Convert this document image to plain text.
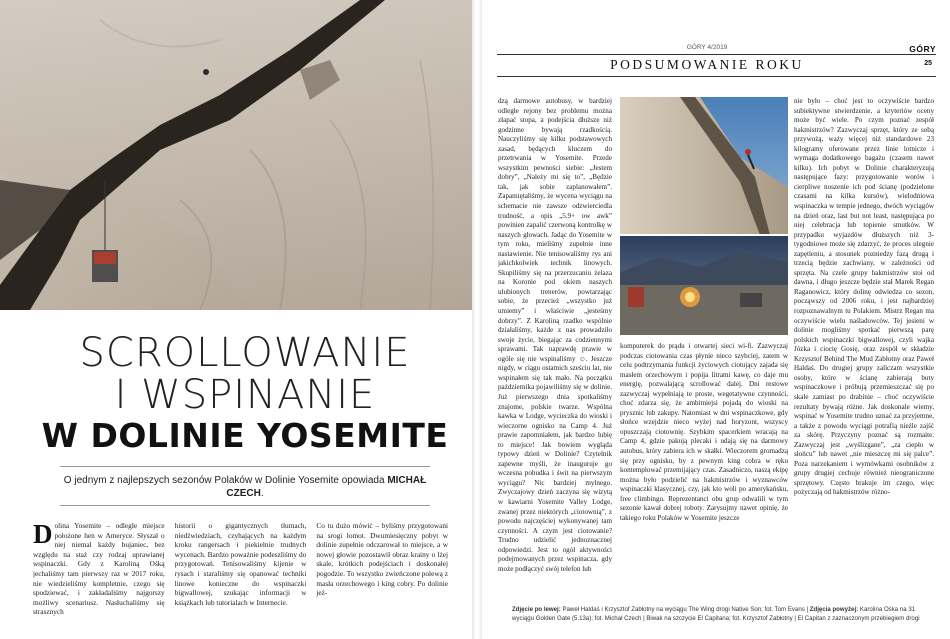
SCROLLOWANIE
I WSPINANIE
W DOLINIE YOSEMITE
O jednym z najlepszych sezonów Polaków w Dolinie Yosemite opowiada MICHAŁ CZECH.
Dolina Yosemite – odległe miejsce położone hen w Ameryce. Słyszał o niej niemal każdy bujaniec, bez względu na staż czy rodzaj uprawianej wspinaczki. Gdy z Karoliną Ośką jechaliśmy tam pierwszy raz w 2017 roku, nie wiedzieliśmy kompletnie, czego się spodziewać, i zakładaliśmy najgorszy możliwy scenariusz. Nasłuchaliśmy się strasznych
historii o gigantycznych tłumach, niedźwiedziach, czyhających na każdym kroku rangersach i piekielnie trudnych wycenach. Bardzo poważnie podeszliśmy do przygotowań. Tenisowaliśmy kijenie w rysach i staraliśmy się opanować techniki linowe konieczne do wspinaczki bigwallowej, szukając informacji w książkach lub tutorialach w Internecie.
Co tu dużo mówić – byliśmy przygotowani na srogi łomot. Dwumiesięczny pobyt w dolinie zupełnie odczarował to miejsce, a w nowej głowie pozostawił obraz krainy o lżej skale, krótkich podejściach i doskonałej pogodzie. To wszystko zwieńczone polewą z masła orzechowego i king cobry. Po dolinie jeż-
GÓRY 4/2019	GÓRY
25
PODSUMOWANIE ROKU
dzą darmowe autobusy, w bardziej odległe rejony bez problemu można złapać stopa, a podejścia dłuższe niż godzinne bywają rzadkością. Nauczyliśmy się kilku podstawowych zasad, będących kluczem do przetrwania w Yosemite. Przede wszystkim pewności siebie: „Jestem dobry”, „Należy mi się to”, „Będzie tak, jak sobie zaplanowałem”. Zapamiętaliśmy, że wycena wyciągu na schemacie nie zawsze odzwierciedla trudność, a opis „5.9+ ow awk” powinien zapalić czerwoną kontrolkę w naszych głowach. Jadąc do Yosemite w tym roku, mieliśmy zupełnie inne nastawienie. Nie tenisowaliśmy rys ani jakichkolwiek technik linowych. Skupiliśmy się na przerzucaniu żelaza na Koronie pod okiem naszych ulubionych trenerów, powtarzając sobie, że przecież „wszystko już umiemy” i właściwie „jesteśmy dobrzy”. Z Karoliną rzadko wspólnie działaliśmy, każde z nas prowadziło swoje życie, biegając za codziennymi sprawami. Tak naprawdę prawie w ogóle się nie wspinaliśmy ☺. Jeszcze nigdy, w ciągu ostatnich sześciu lat, nie wspinałem się tak mało. Na początku października pojawiliśmy się w dolinie. Już pierwszego dnia spotkaliśmy znajome, polskie twarze. Wspólna kawka w Lodge, wycieczka do wioski i wieczorne ognisko na Camp 4. Już prawie zapomniałem, jak bardzo lubię to miejsce! Jak bowiem wygląda typowy dzień w Dolinie? Czytelnik zapewne myśli, że inauguruje go wczesna pobudka i świt na pierwszym wyciągu? Nic bardziej mylnego. Zwyczajowy dzień zaczyna się wizytą w kawiarni Yosemite Valley Lodge, zwanej przez niektórych „ciotownią”, z powodu najczęściej wykonywanej tam czynności. A czym jest ciotowanie? Trudno udzielić jednoznacznej odpowiedzi. Jest to ogół aktywności podejmowanych przez wspinacza, gdy może podłączyć swój telefon lub
komputerek do prądu i otwartej sieci wi-fi. Zazwyczaj podczas ciotowania czas płynie nieco szybciej, zatem w celu podtrzymania funkcji życiowych ciotujący zajada się masłem orzechowym i popija litrami kawę, co daje mu energię, pozwalającą scrollować dalej. Dni restowe zazwyczaj wypełniają te proste, wegetatywne czynności, choć zdarza się, że ambitniejsi pojadą do wioski na prysznic lub zakupy. Natomiast w dni wspinaczkowe, gdy słońce wzejdzie nieco wyżej nad horyzont, wszyscy opuszczają ciotownię. Szybkim spacerkiem wracają na Camp 4, gdzie pakują plecaki i udają się na darmowy autobus, który zabiera ich w skałki. Wieczorem gromadzą się przy ognisku, by z pewnym king cobra w ręku kontemplować przemijający czas. Zasadniczo, naszą ekipę można było podzielić na hakmistrzów i wyznawców wspinaczki klasycznej, czy, jak kto woli po amerykańsku, free climbingu. Reprezentanci obu grup odwalili w tym sezonie kawał dobrej roboty. Zarysujmy nawet opinię, że takiego roku Polaków w Yosemite jeszcze
nie było – choć jest to oczywiście bardzo subiektywne stwierdzenie, a kryteriów oceny może być wiele. Po czym poznać zespół hakmistrzów? Zazwyczaj sprzęt, który ze sobą przywożą, waży więcej niż standardowe 23 kilogramy oferowane przez linie lotnicze i wymaga dodatkowego bagażu (czasem nawet kilku). Ich pobyt w Dolinie charakteryzują następujące fazy: przygotowanie worów i cierpliwe noszenie ich pod ścianę (podzielone czasami na kilka kursów), wielodniowa wspinaczka w tempie jednego, dwóch wyciągów na dzień oraz, last but not least, następująca po niej celebracja lub topienie smutków. W przypadku wyjazdów dłuższych niż 3-tygodniowe może się zdarzyć, że proces ulegnie zapętleniu, a stosunek pozniedzy fazą drugą i trzecią będzie zachwiany, w zależności od sprzęta. Na czele grupy hakmistrzów stoi od dawna, i długo jeszcze będzie stał Marek Regan Raganowicz, który dolinę odwiedza co sezon, począwszy od 2006 roku, i jest najbardziej rozpoznawalnym tu Polakiem. Mistrz Regan ma oczywiście wielu naśladowców. Tej jesieni w dolinie mogliśmy spotkać pierwszą parę polskich wspinaczki bigwallowej, czyli wajka Józka i ciocię Gosię, oraz zespół w składzie Krzysztof Behind The Mud Zabłotny oraz Paweł Haldaś. Do drugiej grupy zaliczam wszystkie osoby, które w ścianę zabierają buty wspinaczkowe i próbują przemieszczać się po skale zamiast po drabinie – choć oczywiście rezultaty bywają różne. Jak doskonale wiemy, wspinać w Yosemite trudno uznać za przyjemne, a także z powodu wyciągi potrafią nieźle zajść za skórę. Przyczyny poznać są rozmaite. Zazwyczaj jest „wyślizgane”, „za ciepło w słońcu” lub nawet „nie mieszczę mi się palce”. Poza narzekaniem i wymówkami osobników z grupy drugiej cechuje również nieograniczone sprzętowy. Często brakuje im czego, więc pożyczają od hakmistrzów różno-
Zdjęcie po lewej: Paweł Haldaś i Krzysztof Zabłotny na wyciągu The Wing drogi Native Son; fot. Tom Evans | Zdjęcia powyżej: Karolina Ośka na 31 wyciągu Golden Gate (5.13a); fot. Michał Czech | Biwak na szczycie El Capitana; fot. Krzysztof Zabłotny | El Capitan z zaznaczonym przebiegiem drogi
